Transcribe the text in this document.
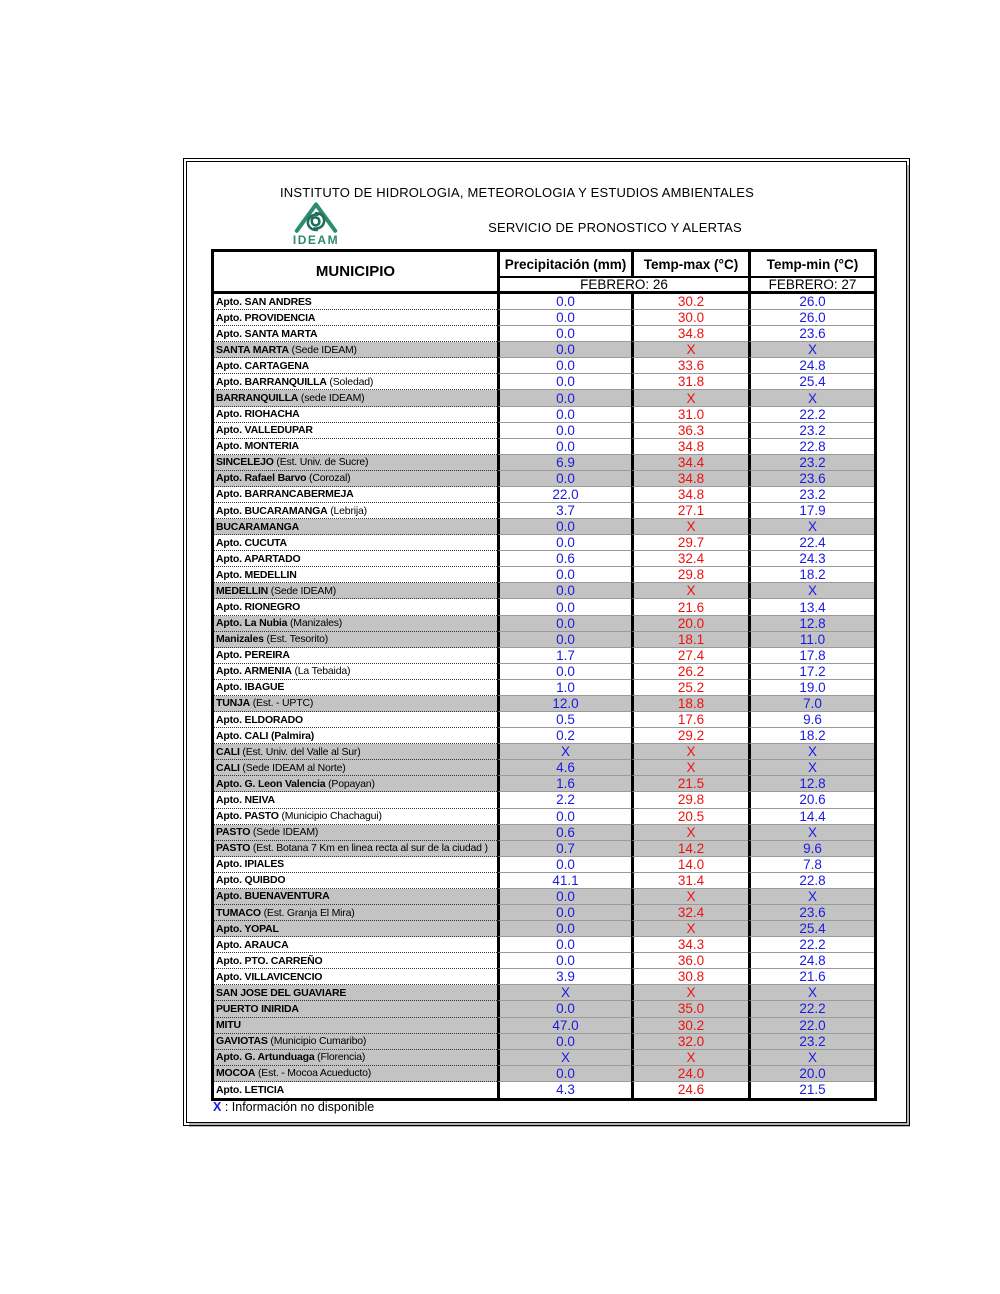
INSTITUTO DE HIDROLOGIA, METEOROLOGIA Y ESTUDIOS AMBIENTALES
IDEAM
SERVICIO DE PRONOSTICO Y ALERTAS
MUNICIPIO	Precipitación (mm)	Temp-max (°C)	Temp-min (°C)
FEBRERO: 26	FEBRERO: 27
Apto. SAN ANDRES	0.0	30.2	26.0
Apto. PROVIDENCIA	0.0	30.0	26.0
Apto. SANTA MARTA	0.0	34.8	23.6
SANTA MARTA (Sede IDEAM)	0.0	X	X
Apto. CARTAGENA	0.0	33.6	24.8
Apto. BARRANQUILLA (Soledad)	0.0	31.8	25.4
BARRANQUILLA (sede IDEAM)	0.0	X	X
Apto. RIOHACHA	0.0	31.0	22.2
Apto. VALLEDUPAR	0.0	36.3	23.2
Apto. MONTERIA	0.0	34.8	22.8
SINCELEJO (Est. Univ. de Sucre)	6.9	34.4	23.2
Apto. Rafael Barvo (Corozal)	0.0	34.8	23.6
Apto. BARRANCABERMEJA	22.0	34.8	23.2
Apto. BUCARAMANGA (Lebrija)	3.7	27.1	17.9
BUCARAMANGA	0.0	X	X
Apto. CUCUTA	0.0	29.7	22.4
Apto. APARTADO	0.6	32.4	24.3
Apto. MEDELLIN	0.0	29.8	18.2
MEDELLIN (Sede IDEAM)	0.0	X	X
Apto. RIONEGRO	0.0	21.6	13.4
Apto. La Nubia (Manizales)	0.0	20.0	12.8
Manizales (Est. Tesorito)	0.0	18.1	11.0
Apto. PEREIRA	1.7	27.4	17.8
Apto. ARMENIA (La Tebaida)	0.0	26.2	17.2
Apto. IBAGUE	1.0	25.2	19.0
TUNJA (Est. - UPTC)	12.0	18.8	7.0
Apto. ELDORADO	0.5	17.6	9.6
Apto. CALI (Palmira)	0.2	29.2	18.2
CALI (Est. Univ. del Valle al Sur)	X	X	X
CALI (Sede IDEAM al Norte)	4.6	X	X
Apto. G. Leon Valencia (Popayan)	1.6	21.5	12.8
Apto. NEIVA	2.2	29.8	20.6
Apto. PASTO (Municipio Chachagui)	0.0	20.5	14.4
PASTO (Sede IDEAM)	0.6	X	X
PASTO (Est. Botana 7 Km en linea recta al sur de la ciudad )	0.7	14.2	9.6
Apto. IPIALES	0.0	14.0	7.8
Apto. QUIBDO	41.1	31.4	22.8
Apto. BUENAVENTURA	0.0	X	X
TUMACO (Est. Granja El Mira)	0.0	32.4	23.6
Apto. YOPAL	0.0	X	25.4
Apto. ARAUCA	0.0	34.3	22.2
Apto. PTO. CARREÑO	0.0	36.0	24.8
Apto. VILLAVICENCIO	3.9	30.8	21.6
SAN JOSE DEL GUAVIARE	X	X	X
PUERTO INIRIDA	0.0	35.0	22.2
MITU	47.0	30.2	22.0
GAVIOTAS (Municipio Cumaribo)	0.0	32.0	23.2
Apto. G. Artunduaga (Florencia)	X	X	X
MOCOA (Est. - Mocoa Acueducto)	0.0	24.0	20.0
Apto. LETICIA	4.3	24.6	21.5
X : Información no disponible
